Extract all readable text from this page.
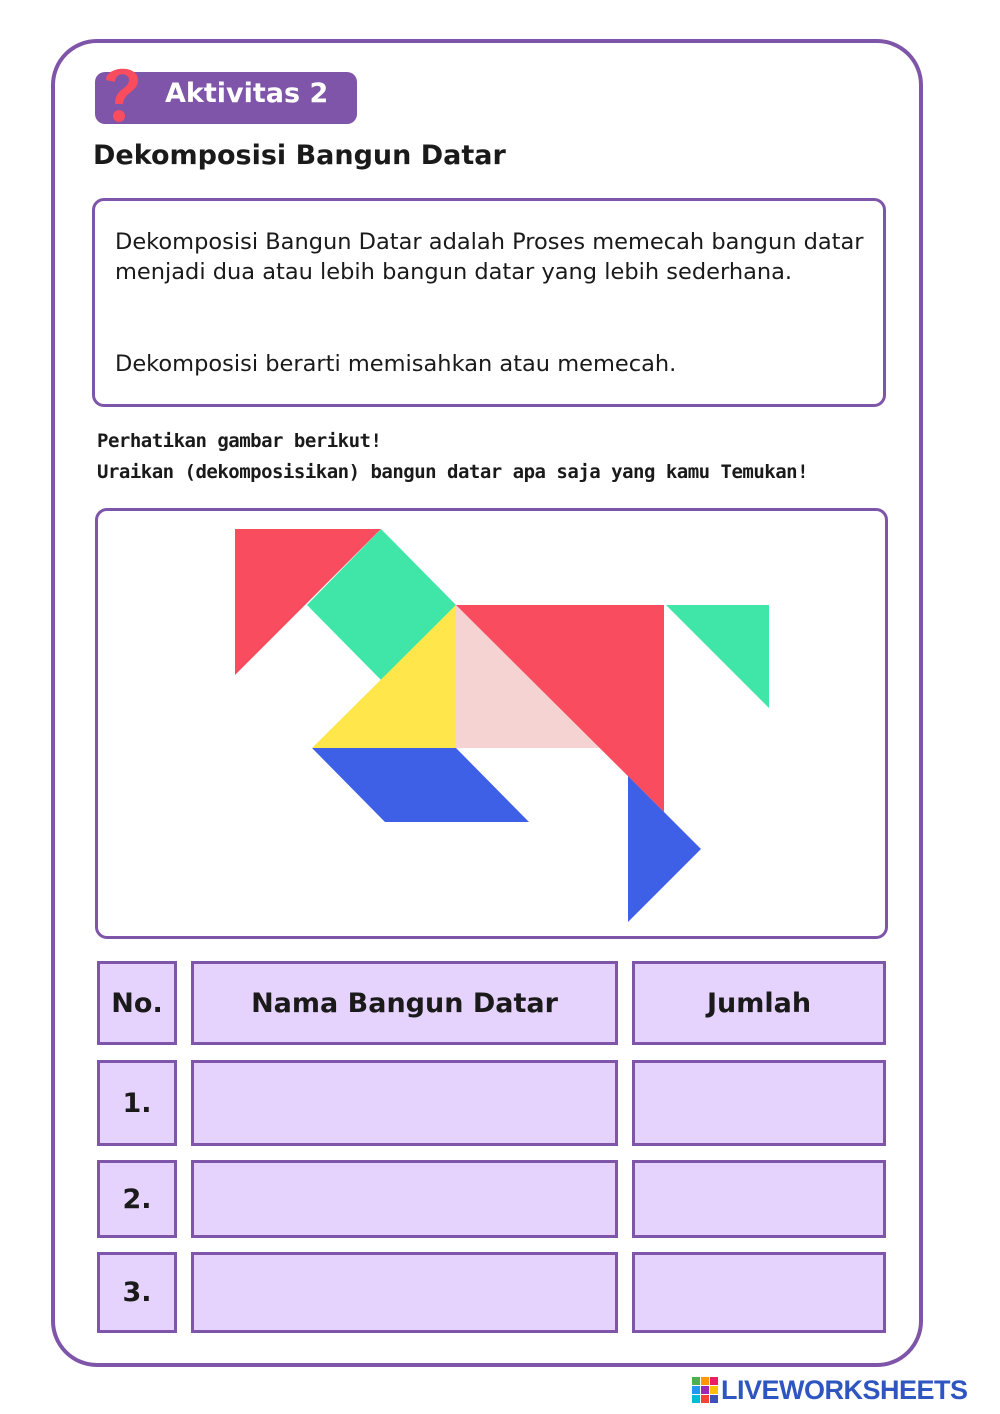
Aktivitas 2
Dekomposisi Bangun Datar

Dekomposisi Bangun Datar adalah Proses memecah bangun datar menjadi dua atau lebih bangun datar yang lebih sederhana.

Dekomposisi berarti memisahkan atau memecah.

Perhatikan gambar berikut!
Uraikan (dekomposisikan) bangun datar apa saja yang kamu Temukan!
No.	Nama Bangun Datar	Jumlah
1.
2.
3.
LIVEWORKSHEETS
